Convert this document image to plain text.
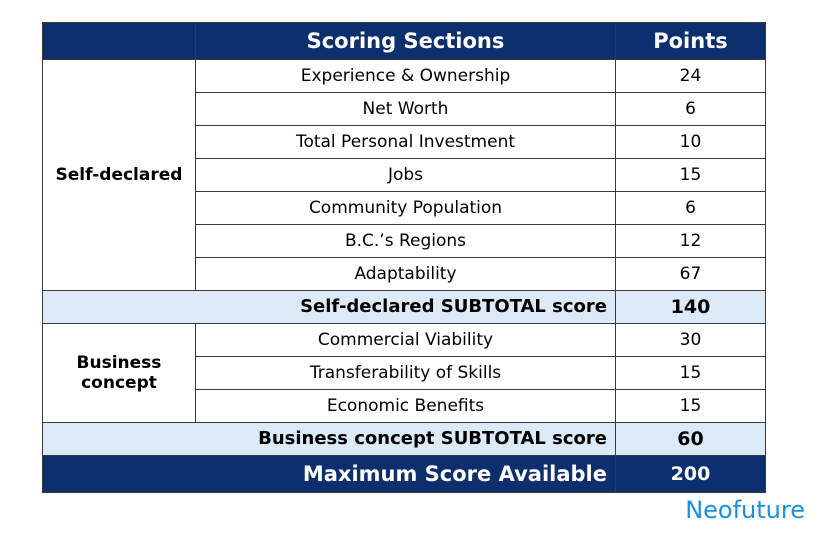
	Scoring Sections	Points
Self-declared	Experience & Ownership	24
	Net Worth	6
	Total Personal Investment	10
	Jobs	15
	Community Population	6
	B.C.’s Regions	12
	Adaptability	67
Self-declared SUBTOTAL score		140
Business concept	Commercial Viability	30
	Transferability of Skills	15
	Economic Benefits	15
Business concept SUBTOTAL score		60
Maximum Score Available		200
Neofuture
